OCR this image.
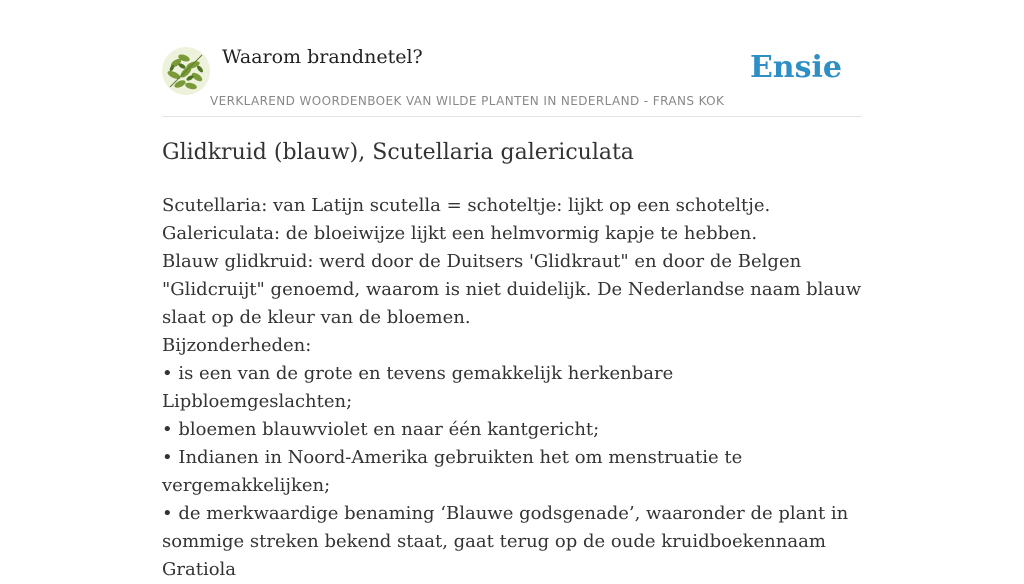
Waarom brandnetel?
VERKLAREND WOORDENBOEK VAN WILDE PLANTEN IN NEDERLAND - FRANS KOK
Ensie
Glidkruid (blauw), Scutellaria galericulata

Scutellaria: van Latijn scutella = schoteltje: lijkt op een schoteltje.

Galericulata: de bloeiwijze lijkt een helmvormig kapje te hebben.

Blauw glidkruid: werd door de Duitsers 'Glidkraut" en door de Belgen "Glidcruijt" genoemd, waarom is niet duidelijk. De Nederlandse naam blauw slaat op de kleur van de bloemen.

Bijzonderheden:

• is een van de grote en tevens gemakkelijk herkenbare Lipbloemgeslachten;

• bloemen blauwviolet en naar één kantgericht;

• Indianen in Noord-Amerika gebruikten het om menstruatie te vergemakkelijken;

• de merkwaardige benaming ‘Blauwe godsgenade’, waaronder de plant in sommige streken bekend staat, gaat terug op de oude kruidboekennaam Gratiola
